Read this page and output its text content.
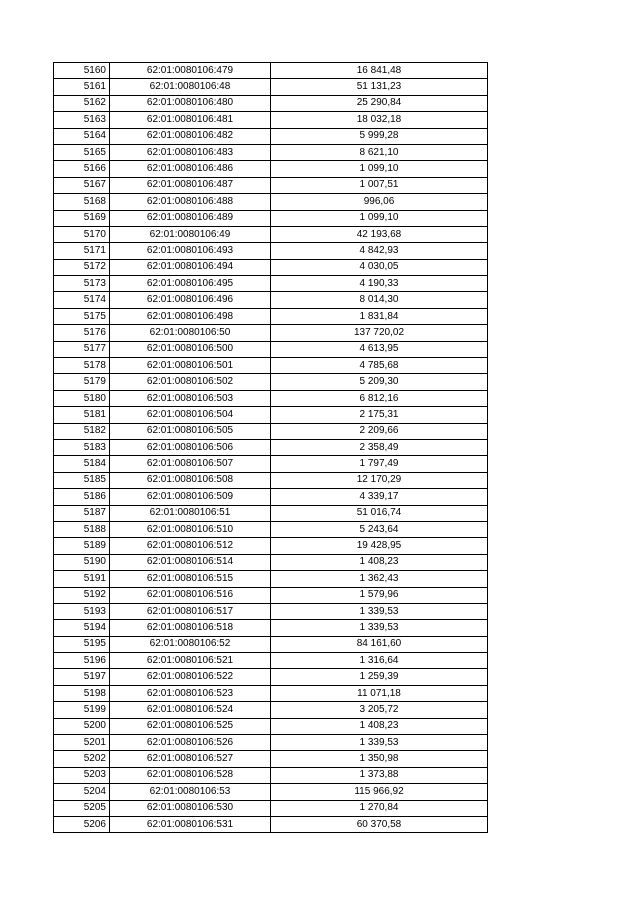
5160	62:01:0080106:479	16 841,48
5161	62:01:0080106:48	51 131,23
5162	62:01:0080106:480	25 290,84
5163	62:01:0080106:481	18 032,18
5164	62:01:0080106:482	5 999,28
5165	62:01:0080106:483	8 621,10
5166	62:01:0080106:486	1 099,10
5167	62:01:0080106:487	1 007,51
5168	62:01:0080106:488	996,06
5169	62:01:0080106:489	1 099,10
5170	62:01:0080106:49	42 193,68
5171	62:01:0080106:493	4 842,93
5172	62:01:0080106:494	4 030,05
5173	62:01:0080106:495	4 190,33
5174	62:01:0080106:496	8 014,30
5175	62:01:0080106:498	1 831,84
5176	62:01:0080106:50	137 720,02
5177	62:01:0080106:500	4 613,95
5178	62:01:0080106:501	4 785,68
5179	62:01:0080106:502	5 209,30
5180	62:01:0080106:503	6 812,16
5181	62:01:0080106:504	2 175,31
5182	62:01:0080106:505	2 209,66
5183	62:01:0080106:506	2 358,49
5184	62:01:0080106:507	1 797,49
5185	62:01:0080106:508	12 170,29
5186	62:01:0080106:509	4 339,17
5187	62:01:0080106:51	51 016,74
5188	62:01:0080106:510	5 243,64
5189	62:01:0080106:512	19 428,95
5190	62:01:0080106:514	1 408,23
5191	62:01:0080106:515	1 362,43
5192	62:01:0080106:516	1 579,96
5193	62:01:0080106:517	1 339,53
5194	62:01:0080106:518	1 339,53
5195	62:01:0080106:52	84 161,60
5196	62:01:0080106:521	1 316,64
5197	62:01:0080106:522	1 259,39
5198	62:01:0080106:523	11 071,18
5199	62:01:0080106:524	3 205,72
5200	62:01:0080106:525	1 408,23
5201	62:01:0080106:526	1 339,53
5202	62:01:0080106:527	1 350,98
5203	62:01:0080106:528	1 373,88
5204	62:01:0080106:53	115 966,92
5205	62:01:0080106:530	1 270,84
5206	62:01:0080106:531	60 370,58
